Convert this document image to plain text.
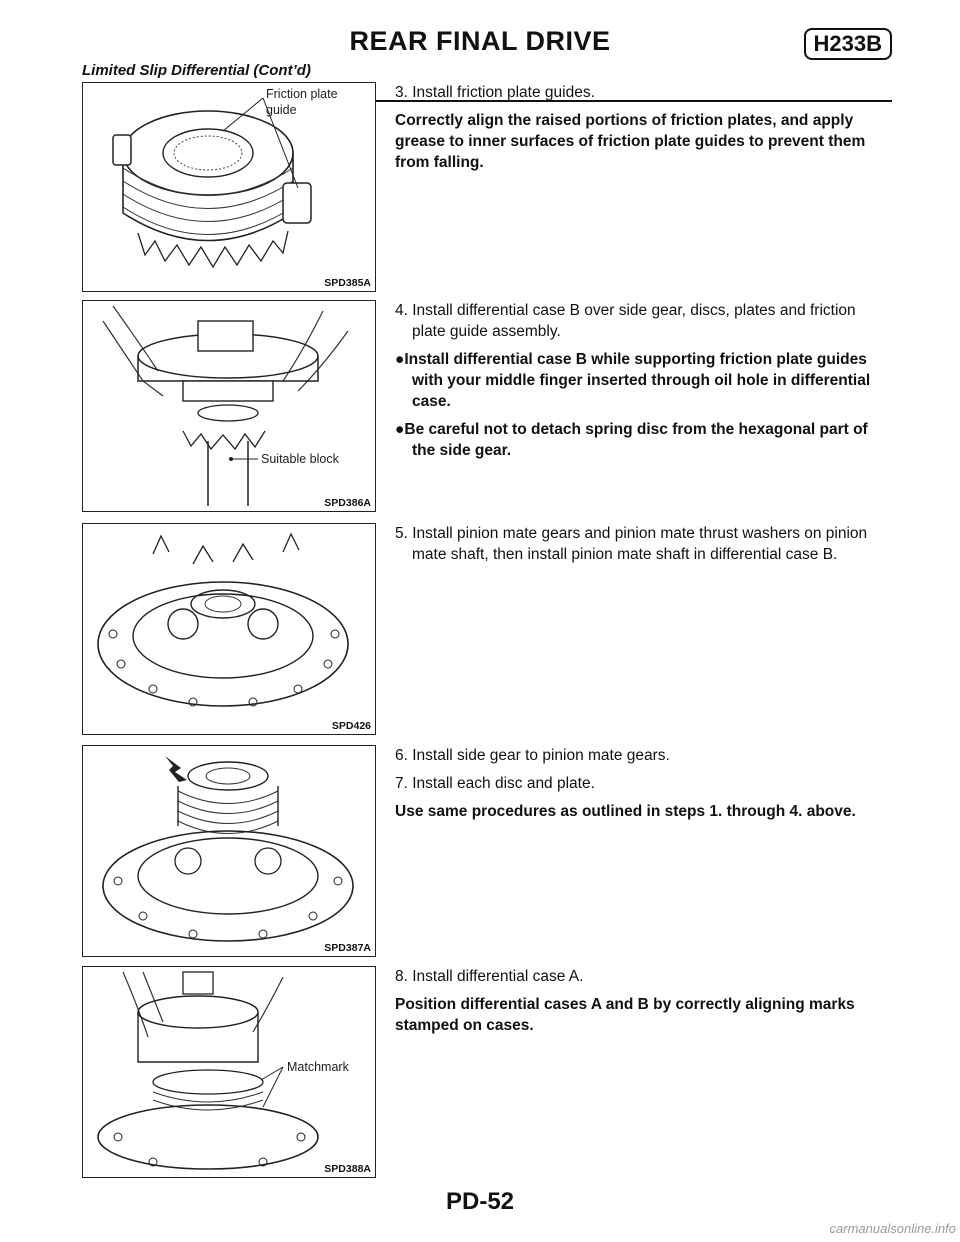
REAR FINAL DRIVE	H233B
Limited Slip Differential (Cont’d)
Friction plate
guide
SPD385A

3. Install friction plate guides.

Correctly align the raised portions of friction plates, and apply grease to inner surfaces of friction plate guides to prevent them from falling.

Suitable block
SPD386A

4. Install differential case B over side gear, discs, plates and friction plate guide assembly.

●Install differential case B while supporting friction plate guides with your middle finger inserted through oil hole in differential case.

●Be careful not to detach spring disc from the hexagonal part of the side gear.

SPD426

5. Install pinion mate gears and pinion mate thrust washers on pinion mate shaft, then install pinion mate shaft in differential case B.

SPD387A

6. Install side gear to pinion mate gears.

7. Install each disc and plate.

Use same procedures as outlined in steps 1. through 4. above.

Matchmark
SPD388A

8. Install differential case A.

Position differential cases A and B by correctly aligning marks stamped on cases.

PD-52
carmanualsonline.info
